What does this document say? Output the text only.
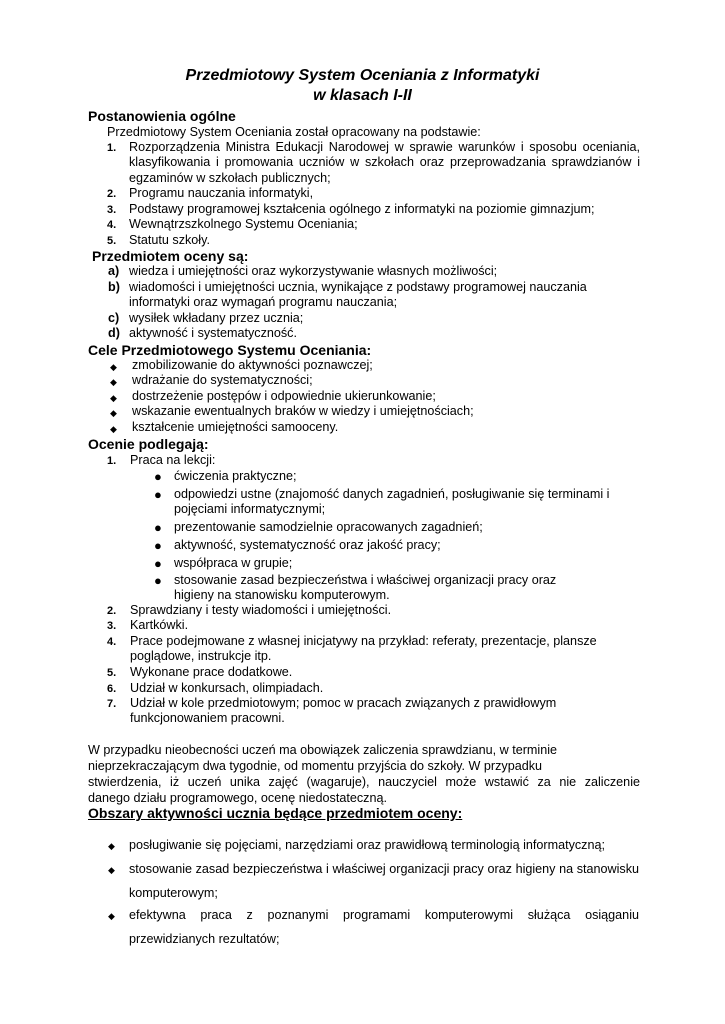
Przedmiotowy System Oceniania z Informatyki
w klasach I-II
Postanowienia ogólne
Przedmiotowy System Oceniania został opracowany na podstawie:
1. Rozporządzenia Ministra Edukacji Narodowej w sprawie warunków i sposobu oceniania, klasyfikowania i promowania uczniów w szkołach oraz przeprowadzania sprawdzianów i egzaminów w szkołach publicznych;
2. Programu nauczania informatyki,
3. Podstawy programowej kształcenia ogólnego z informatyki na poziomie gimnazjum;
4. Wewnątrzszkolnego Systemu Oceniania;
5. Statutu szkoły.
Przedmiotem oceny są:
a) wiedza i umiejętności oraz wykorzystywanie własnych możliwości;
b) wiadomości i umiejętności ucznia, wynikające z podstawy programowej nauczania informatyki oraz wymagań programu nauczania;
c) wysiłek wkładany przez ucznia;
d) aktywność i systematyczność.
Cele Przedmiotowego Systemu Oceniania:
◆ zmobilizowanie do aktywności poznawczej;
◆ wdrażanie do systematyczności;
◆ dostrzeżenie postępów i odpowiednie ukierunkowanie;
◆ wskazanie ewentualnych braków w wiedzy i umiejętnościach;
◆ kształcenie umiejętności samooceny.
Ocenie podlegają:
1. Praca na lekcji:
● ćwiczenia praktyczne;
● odpowiedzi ustne (znajomość danych zagadnień, posługiwanie się terminami i pojęciami informatycznymi;
● prezentowanie samodzielnie opracowanych zagadnień;
● aktywność, systematyczność oraz jakość pracy;
● współpraca w grupie;
● stosowanie zasad bezpieczeństwa i właściwej organizacji pracy oraz higieny na stanowisku komputerowym.
2. Sprawdziany i testy wiadomości i umiejętności.
3. Kartkówki.
4. Prace podejmowane z własnej inicjatywy na przykład: referaty, prezentacje, plansze poglądowe, instrukcje itp.
5. Wykonane prace dodatkowe.
6. Udział w konkursach, olimpiadach.
7. Udział w kole przedmiotowym; pomoc w pracach związanych z prawidłowym funkcjonowaniem pracowni.
W przypadku nieobecności uczeń ma obowiązek zaliczenia sprawdzianu, w terminie
nieprzekraczającym dwa tygodnie, od momentu przyjścia do szkoły. W przypadku
stwierdzenia, iż uczeń unika zajęć (wagaruje), nauczyciel może wstawić za nie zaliczenie
danego działu programowego, ocenę niedostateczną.
Obszary aktywności ucznia będące przedmiotem oceny:
◆ posługiwanie się pojęciami, narzędziami oraz prawidłową terminologią informatyczną;
◆ stosowanie zasad bezpieczeństwa i właściwej organizacji pracy oraz higieny na stanowisku komputerowym;
◆ efektywna praca z poznanymi programami komputerowymi służąca osiąganiu przewidzianych rezultatów;
